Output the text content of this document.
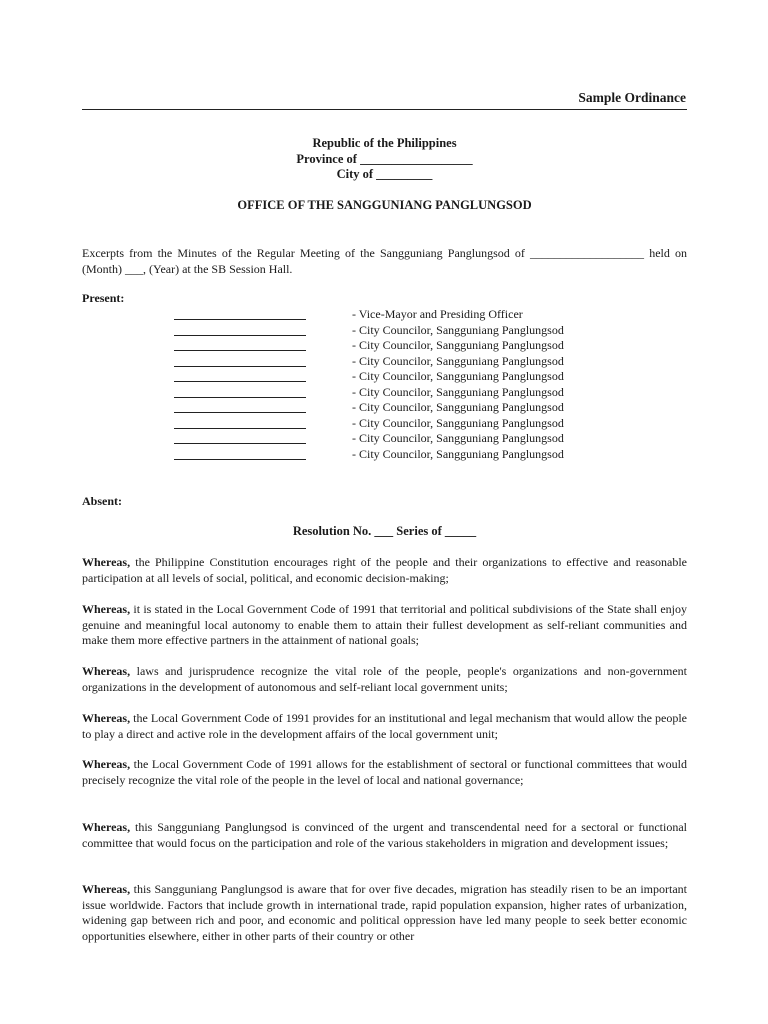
Sample Ordinance
Republic of the Philippines
Province of __________________
City of _________
OFFICE OF THE SANGGUNIANG PANGLUNGSOD
Excerpts from the Minutes of the Regular Meeting of the Sangguniang Panglungsod of ___________________ held on (Month) ___, (Year) at the SB Session Hall.
Present:
- Vice-Mayor and Presiding Officer
- City Councilor, Sangguniang Panglungsod
- City Councilor, Sangguniang Panglungsod
- City Councilor, Sangguniang Panglungsod
- City Councilor, Sangguniang Panglungsod
- City Councilor, Sangguniang Panglungsod
- City Councilor, Sangguniang Panglungsod
- City Councilor, Sangguniang Panglungsod
- City Councilor, Sangguniang Panglungsod
- City Councilor, Sangguniang Panglungsod
Absent:
Resolution No. ___ Series of _____
Whereas, the Philippine Constitution encourages right of the people and their organizations to effective and reasonable participation at all levels of social, political, and economic decision-making;
Whereas, it is stated in the Local Government Code of 1991 that territorial and political subdivisions of the State shall enjoy genuine and meaningful local autonomy to enable them to attain their fullest development as self-reliant communities and make them more effective partners in the attainment of national goals;
Whereas, laws and jurisprudence recognize the vital role of the people, people's organizations and non-government organizations in the development of autonomous and self-reliant local government units;
Whereas, the Local Government Code of 1991 provides for an institutional and legal mechanism that would allow the people to play a direct and active role in the development affairs of the local government unit;
Whereas, the Local Government Code of 1991 allows for the establishment of sectoral or functional committees that would precisely recognize the vital role of the people in the level of local and national governance;
Whereas, this Sangguniang Panglungsod is convinced of the urgent and transcendental need for a sectoral or functional committee that would focus on the participation and role of the various stakeholders in migration and development issues;
Whereas, this Sangguniang Panglungsod is aware that for over five decades, migration has steadily risen to be an important issue worldwide. Factors that include growth in international trade, rapid population expansion, higher rates of urbanization, widening gap between rich and poor, and economic and political oppression have led many people to seek better economic opportunities elsewhere, either in other parts of their country or other
